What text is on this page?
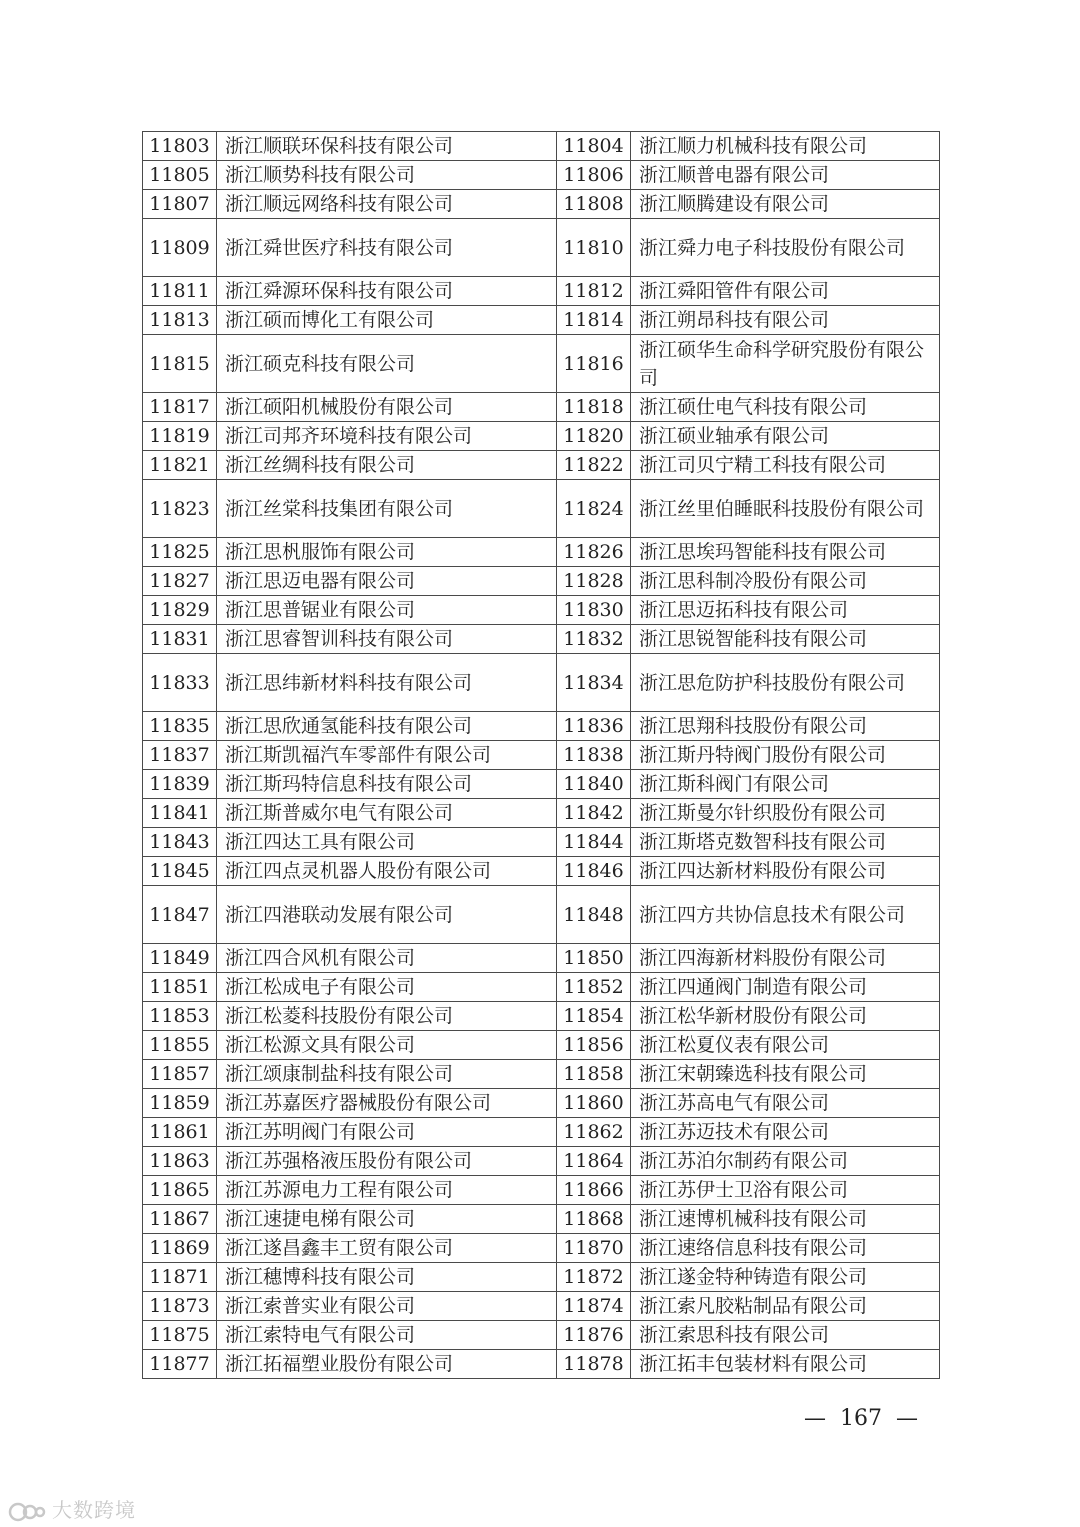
11803	浙江顺联环保科技有限公司	11804	浙江顺力机械科技有限公司
11805	浙江顺势科技有限公司	11806	浙江顺普电器有限公司
11807	浙江顺远网络科技有限公司	11808	浙江顺腾建设有限公司
11809	浙江舜世医疗科技有限公司	11810	浙江舜力电子科技股份有限公司
11811	浙江舜源环保科技有限公司	11812	浙江舜阳管件有限公司
11813	浙江硕而博化工有限公司	11814	浙江朔昂科技有限公司
11815	浙江硕克科技有限公司	11816	浙江硕华生命科学研究股份有限公司
11817	浙江硕阳机械股份有限公司	11818	浙江硕仕电气科技有限公司
11819	浙江司邦齐环境科技有限公司	11820	浙江硕业轴承有限公司
11821	浙江丝绸科技有限公司	11822	浙江司贝宁精工科技有限公司
11823	浙江丝棠科技集团有限公司	11824	浙江丝里伯睡眠科技股份有限公司
11825	浙江思杋服饰有限公司	11826	浙江思埃玛智能科技有限公司
11827	浙江思迈电器有限公司	11828	浙江思科制冷股份有限公司
11829	浙江思普锯业有限公司	11830	浙江思迈拓科技有限公司
11831	浙江思睿智训科技有限公司	11832	浙江思锐智能科技有限公司
11833	浙江思纬新材料科技有限公司	11834	浙江思危防护科技股份有限公司
11835	浙江思欣通氢能科技有限公司	11836	浙江思翔科技股份有限公司
11837	浙江斯凯福汽车零部件有限公司	11838	浙江斯丹特阀门股份有限公司
11839	浙江斯玛特信息科技有限公司	11840	浙江斯科阀门有限公司
11841	浙江斯普威尔电气有限公司	11842	浙江斯曼尔针织股份有限公司
11843	浙江四达工具有限公司	11844	浙江斯塔克数智科技有限公司
11845	浙江四点灵机器人股份有限公司	11846	浙江四达新材料股份有限公司
11847	浙江四港联动发展有限公司	11848	浙江四方共协信息技术有限公司
11849	浙江四合风机有限公司	11850	浙江四海新材料股份有限公司
11851	浙江松成电子有限公司	11852	浙江四通阀门制造有限公司
11853	浙江松菱科技股份有限公司	11854	浙江松华新材股份有限公司
11855	浙江松源文具有限公司	11856	浙江松夏仪表有限公司
11857	浙江颂康制盐科技有限公司	11858	浙江宋朝臻选科技有限公司
11859	浙江苏嘉医疗器械股份有限公司	11860	浙江苏高电气有限公司
11861	浙江苏明阀门有限公司	11862	浙江苏迈技术有限公司
11863	浙江苏强格液压股份有限公司	11864	浙江苏泊尔制药有限公司
11865	浙江苏源电力工程有限公司	11866	浙江苏伊士卫浴有限公司
11867	浙江速捷电梯有限公司	11868	浙江速博机械科技有限公司
11869	浙江遂昌鑫丰工贸有限公司	11870	浙江速络信息科技有限公司
11871	浙江穗博科技有限公司	11872	浙江遂金特种铸造有限公司
11873	浙江索普实业有限公司	11874	浙江索凡胶粘制品有限公司
11875	浙江索特电气有限公司	11876	浙江索思科技有限公司
11877	浙江拓福塑业股份有限公司	11878	浙江拓丰包装材料有限公司
— 167 —
大数跨境
